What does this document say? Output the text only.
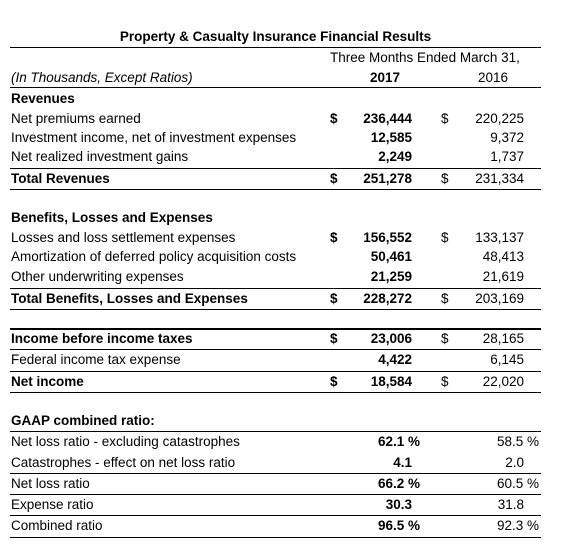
Property & Casualty Insurance Financial Results
Three Months Ended March 31,
(In Thousands, Except Ratios)	2017	2016
Revenues
Net premiums earned	$	236,444 $	220,225
Investment income, net of investment expenses	12,585	9,372
Net realized investment gains	2,249	1,737
Total Revenues	$	251,278 $	231,334
Benefits, Losses and Expenses
Losses and loss settlement expenses	$	156,552 $	133,137
Amortization of deferred policy acquisition costs	50,461	48,413
Other underwriting expenses	21,259	21,619
Total Benefits, Losses and Expenses	$	228,272 $	203,169
Income before income taxes	$	23,006 $	28,165
Federal income tax expense	4,422	6,145
Net income	$	18,584 $	22,020
GAAP combined ratio:
Net loss ratio - excluding catastrophes	62.1 %	58.5 %
Catastrophes - effect on net loss ratio	4.1	2.0
Net loss ratio	66.2 %	60.5 %
Expense ratio	30.3	31.8
Combined ratio	96.5 %	92.3 %
